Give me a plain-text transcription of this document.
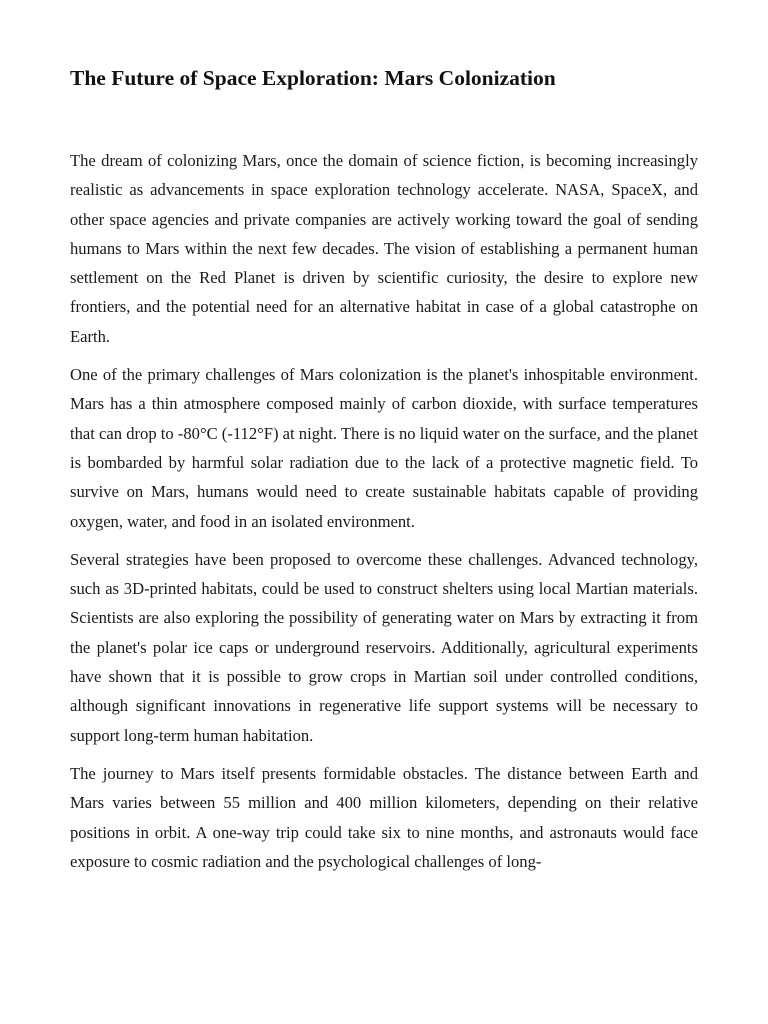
The Future of Space Exploration: Mars Colonization

The dream of colonizing Mars, once the domain of science fiction, is becoming increasingly realistic as advancements in space exploration technology accelerate. NASA, SpaceX, and other space agencies and private companies are actively working toward the goal of sending humans to Mars within the next few decades. The vision of establishing a permanent human settlement on the Red Planet is driven by scientific curiosity, the desire to explore new frontiers, and the potential need for an alternative habitat in case of a global catastrophe on Earth.

One of the primary challenges of Mars colonization is the planet's inhospitable environment. Mars has a thin atmosphere composed mainly of carbon dioxide, with surface temperatures that can drop to -80°C (-112°F) at night. There is no liquid water on the surface, and the planet is bombarded by harmful solar radiation due to the lack of a protective magnetic field. To survive on Mars, humans would need to create sustainable habitats capable of providing oxygen, water, and food in an isolated environment.

Several strategies have been proposed to overcome these challenges. Advanced technology, such as 3D-printed habitats, could be used to construct shelters using local Martian materials. Scientists are also exploring the possibility of generating water on Mars by extracting it from the planet's polar ice caps or underground reservoirs. Additionally, agricultural experiments have shown that it is possible to grow crops in Martian soil under controlled conditions, although significant innovations in regenerative life support systems will be necessary to support long-term human habitation.

The journey to Mars itself presents formidable obstacles. The distance between Earth and Mars varies between 55 million and 400 million kilometers, depending on their relative positions in orbit. A one-way trip could take six to nine months, and astronauts would face exposure to cosmic radiation and the psychological challenges of long-
